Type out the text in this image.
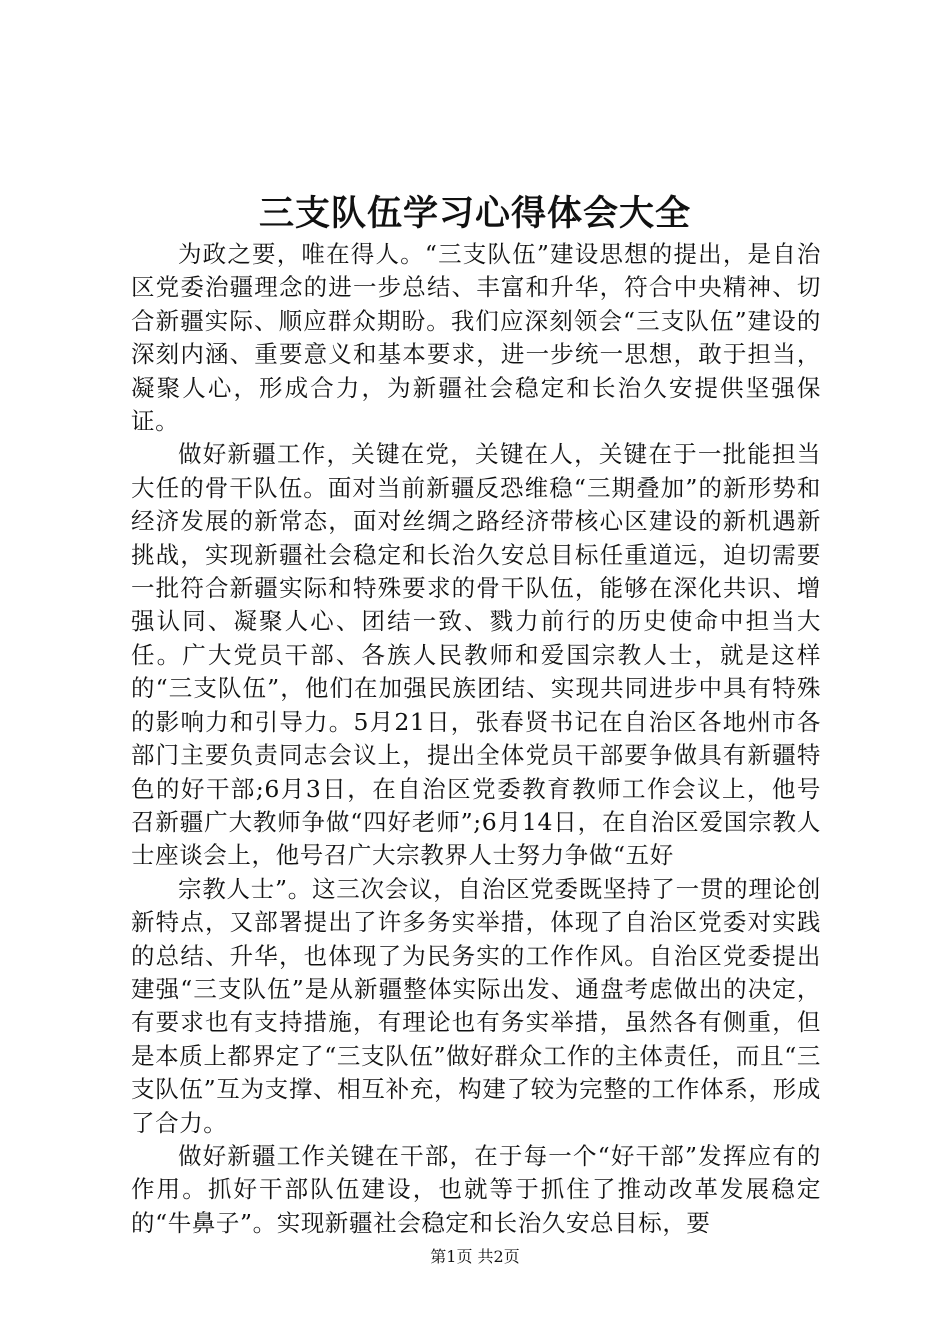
三支队伍学习心得体会大全

为政之要，唯在得人。“三支队伍”建设思想的提出，是自治区党委治疆理念的进一步总结、丰富和升华，符合中央精神、切合新疆实际、顺应群众期盼。我们应深刻领会“三支队伍”建设的深刻内涵、重要意义和基本要求，进一步统一思想，敢于担当，凝聚人心，形成合力，为新疆社会稳定和长治久安提供坚强保证。

做好新疆工作，关键在党，关键在人，关键在于一批能担当大任的骨干队伍。面对当前新疆反恐维稳“三期叠加”的新形势和经济发展的新常态，面对丝绸之路经济带核心区建设的新机遇新挑战，实现新疆社会稳定和长治久安总目标任重道远，迫切需要一批符合新疆实际和特殊要求的骨干队伍，能够在深化共识、增强认同、凝聚人心、团结一致、戮力前行的历史使命中担当大任。广大党员干部、各族人民教师和爱国宗教人士，就是这样的“三支队伍”，他们在加强民族团结、实现共同进步中具有特殊的影响力和引导力。5月21日，张春贤书记在自治区各地州市各部门主要负责同志会议上，提出全体党员干部要争做具有新疆特色的好干部;6月3日，在自治区党委教育教师工作会议上，他号召新疆广大教师争做“四好老师”;6月14日，在自治区爱国宗教人士座谈会上，他号召广大宗教界人士努力争做“五好

宗教人士”。这三次会议，自治区党委既坚持了一贯的理论创新特点，又部署提出了许多务实举措，体现了自治区党委对实践的总结、升华，也体现了为民务实的工作作风。自治区党委提出建强“三支队伍”是从新疆整体实际出发、通盘考虑做出的决定，有要求也有支持措施，有理论也有务实举措，虽然各有侧重，但是本质上都界定了“三支队伍”做好群众工作的主体责任，而且“三支队伍”互为支撑、相互补充，构建了较为完整的工作体系，形成了合力。

做好新疆工作关键在干部，在于每一个“好干部”发挥应有的作用。抓好干部队伍建设，也就等于抓住了推动改革发展稳定的“牛鼻子”。实现新疆社会稳定和长治久安总目标，要

第1页 共2页
